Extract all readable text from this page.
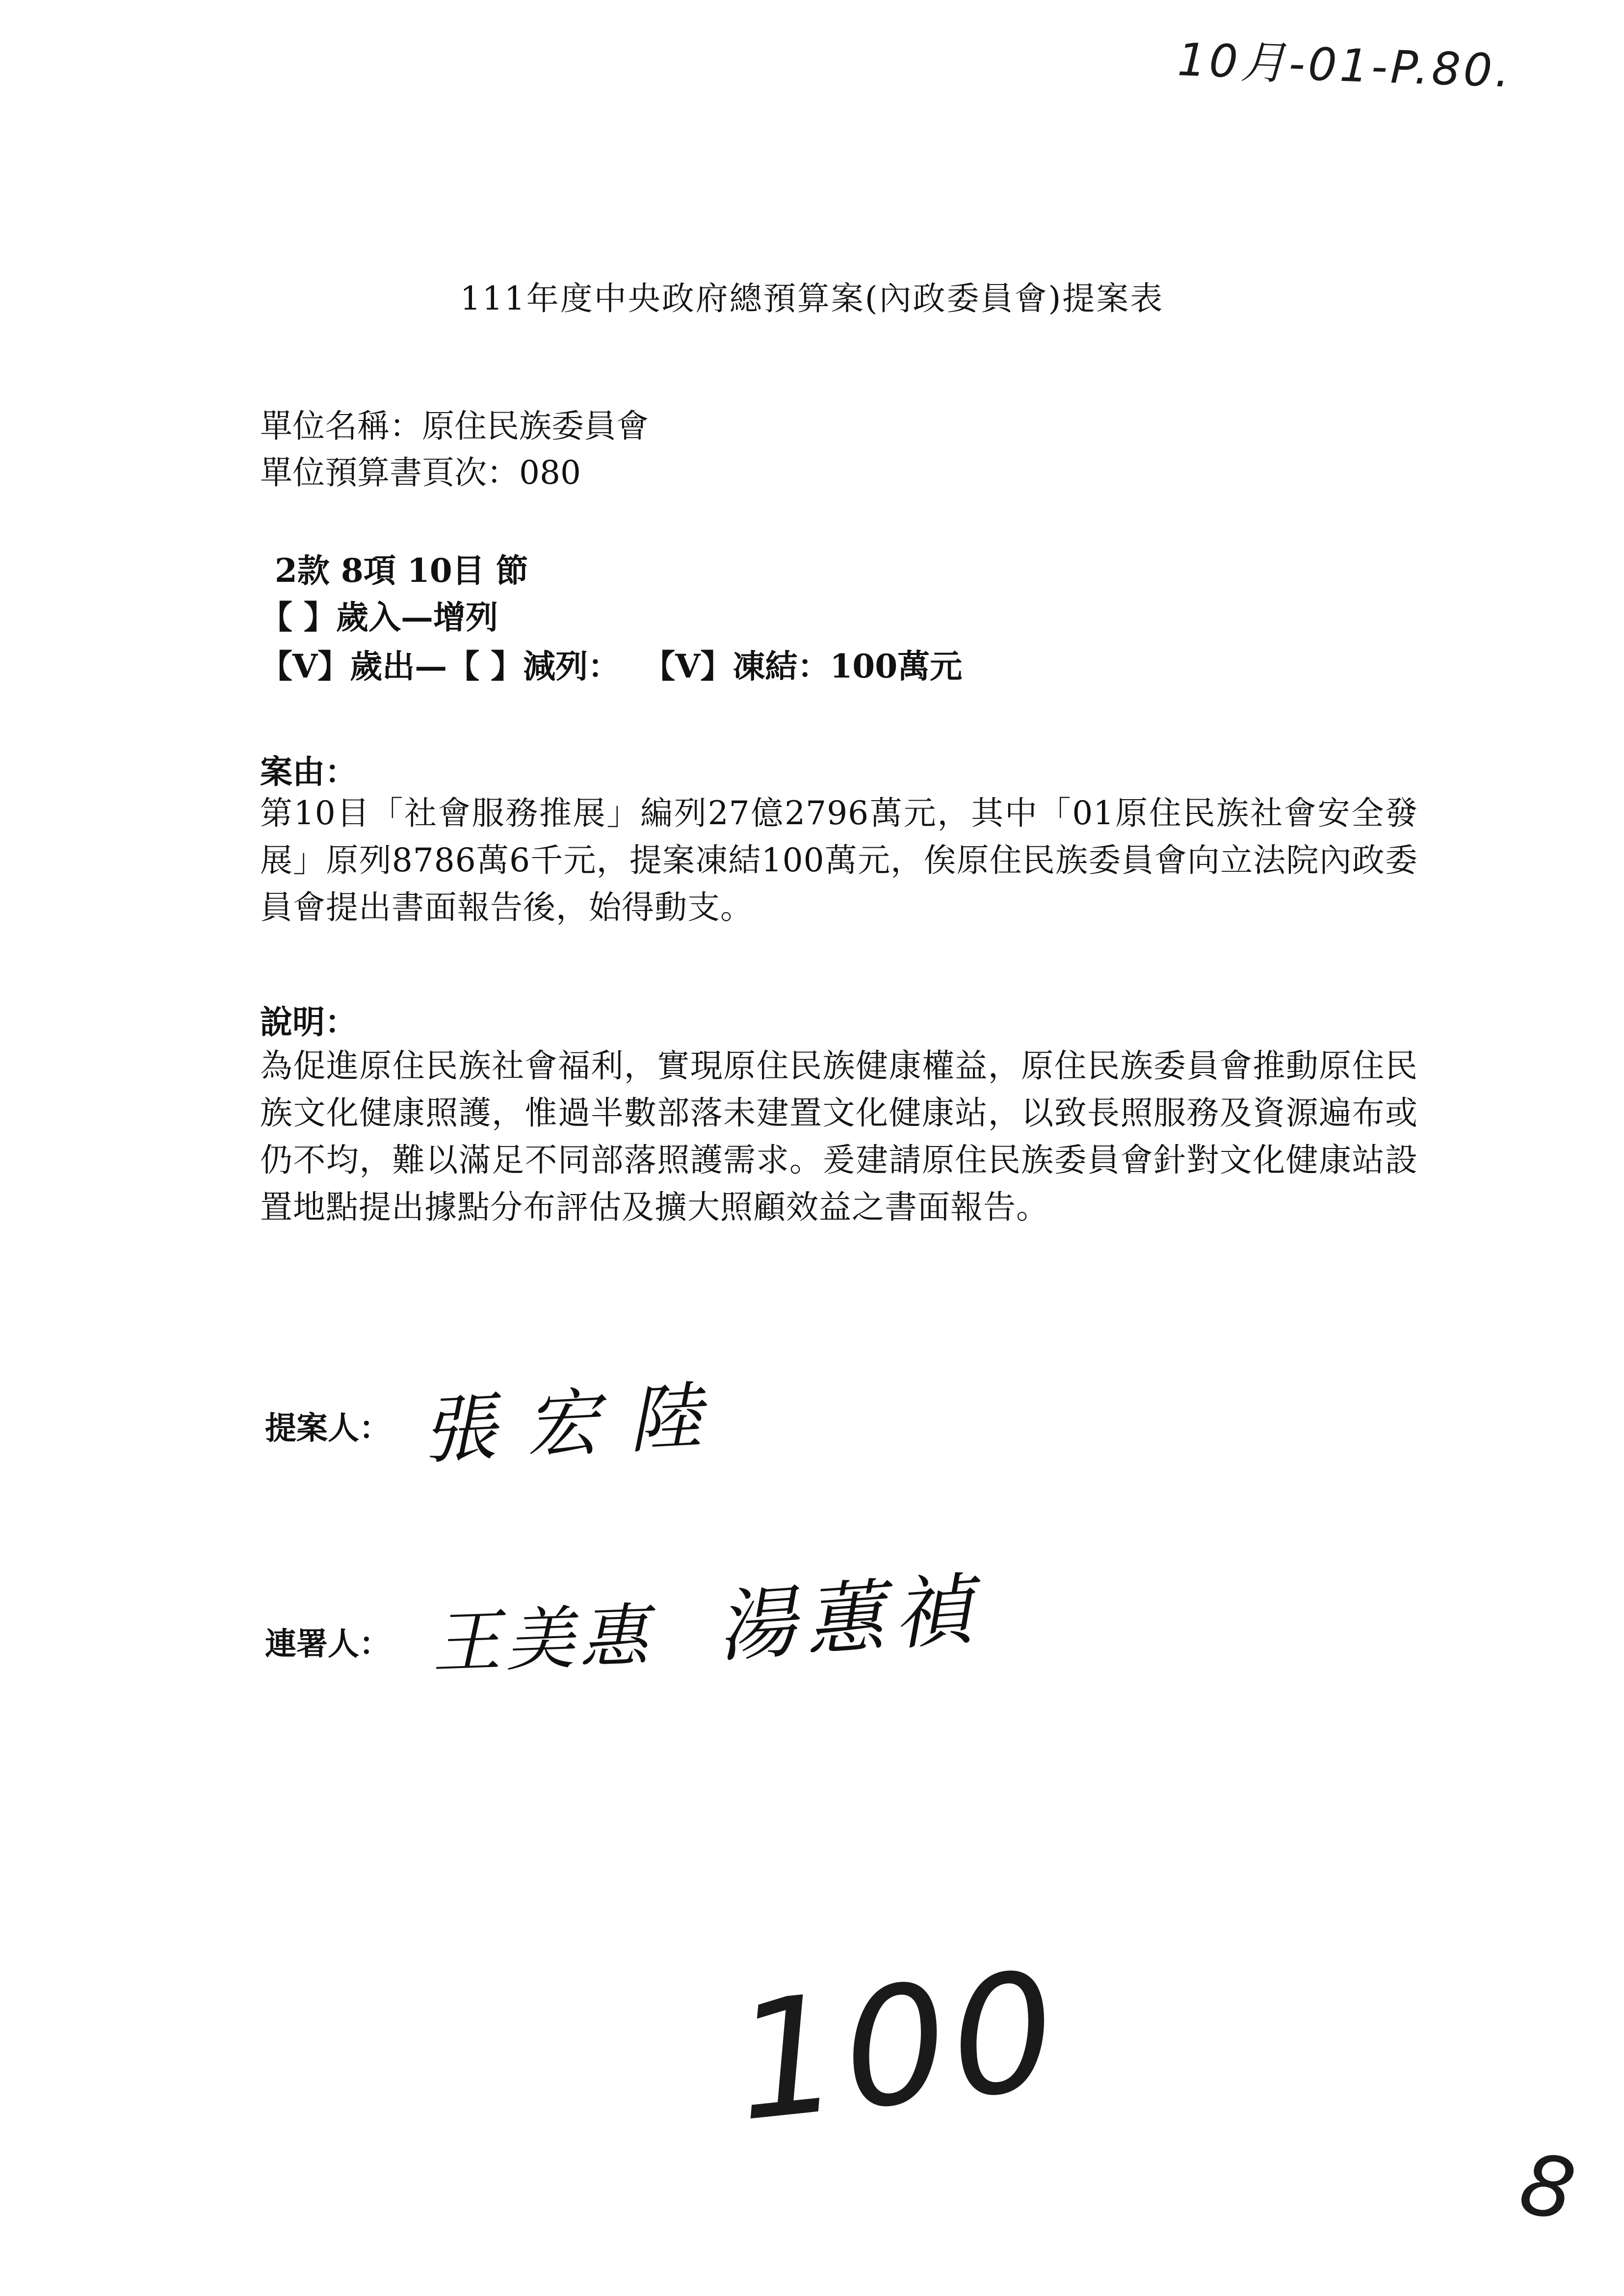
10月-01-P.80.
111年度中央政府總預算案(內政委員會)提案表
單位名稱：原住民族委員會
單位預算書頁次：080
2款 8項 10目 節
【 】歲入—增列
【V】歲出—【 】減列：  【V】凍結：100萬元
案由：
第10目「社會服務推展」編列27億2796萬元，其中「01原住民族社會安全發展」原列8786萬6千元，提案凍結100萬元，俟原住民族委員會向立法院內政委員會提出書面報告後，始得動支。
說明：
為促進原住民族社會福利，實現原住民族健康權益，原住民族委員會推動原住民族文化健康照護，惟過半數部落未建置文化健康站，以致長照服務及資源遍布或仍不均，難以滿足不同部落照護需求。爰建請原住民族委員會針對文化健康站設置地點提出據點分布評估及擴大照顧效益之書面報告。
提案人： 張宏陸
連署人： 王美惠 湯蕙禎
100
8
